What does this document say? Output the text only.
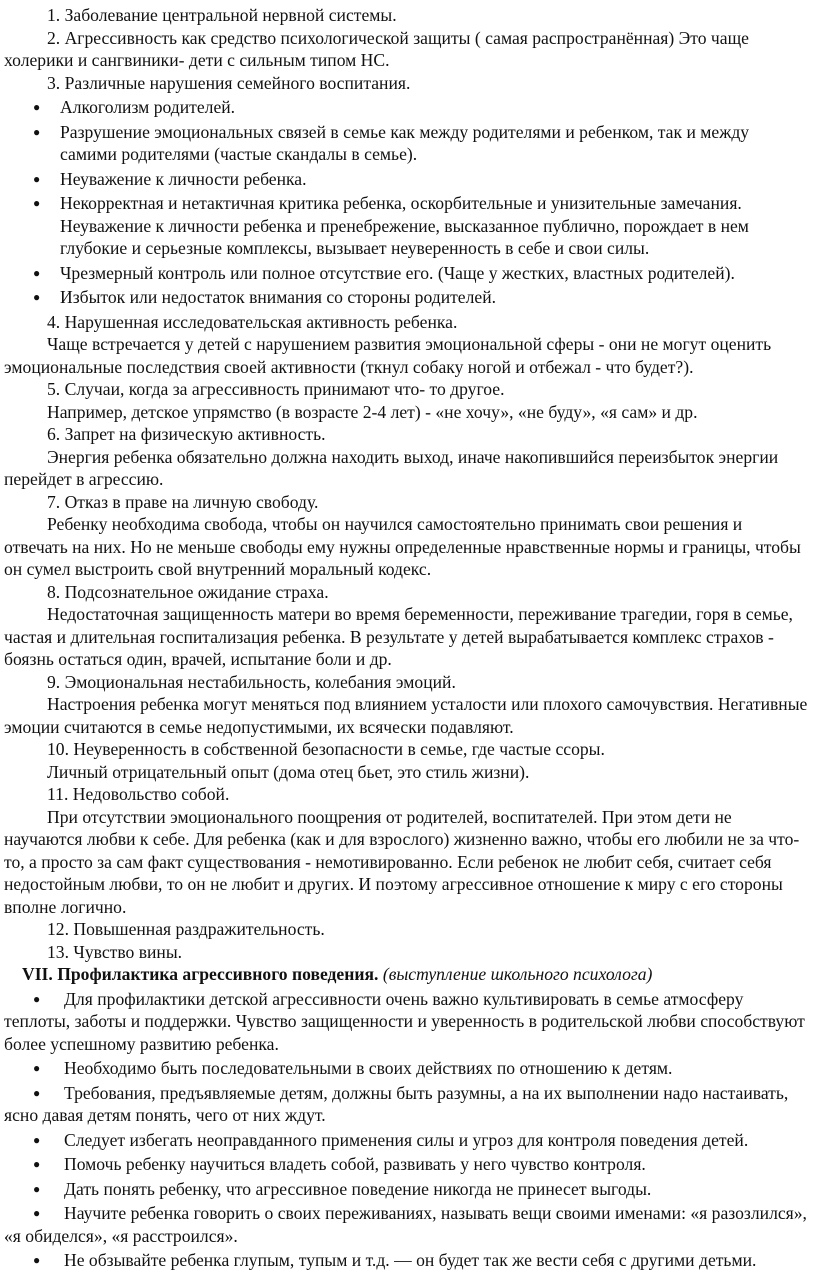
1. Заболевание центральной нервной системы.

2. Агрессивность как средство психологической защиты ( самая распространённая) Это чаще холерики и сангвиники- дети с сильным типом НС.

3. Различные нарушения семейного воспитания.

● Алкоголизм родителей.
● Разрушение эмоциональных связей в семье как между родителями и ребенком, так и между самими родителями (частые скандалы в семье).
● Неуважение к личности ребенка.
● Некорректная и нетактичная критика ребенка, оскорбительные и унизительные замечания. Неуважение к личности ребенка и пренебрежение, высказанное публично, порождает в нем глубокие и серьезные комплексы, вызывает неуверенность в себе и свои силы.
● Чрезмерный контроль или полное отсутствие его. (Чаще у жестких, властных родителей).
● Избыток или недостаток внимания со стороны родителей.

4. Нарушенная исследовательская активность ребенка.

Чаще встречается у детей с нарушением развития эмоциональной сферы - они не могут оценить эмоциональные последствия своей активности (ткнул собаку ногой и отбежал - что будет?).

5. Случаи, когда за агрессивность принимают что- то другое.

Например, детское упрямство (в возрасте 2-4 лет) - «не хочу», «не буду», «я сам» и др.

6. Запрет на физическую активность.

Энергия ребенка обязательно должна находить выход, иначе накопившийся переизбыток энергии перейдет в агрессию.

7. Отказ в праве на личную свободу.

Ребенку необходима свобода, чтобы он научился самостоятельно принимать свои решения и отвечать на них. Но не меньше свободы ему нужны определенные нравственные нормы и границы, чтобы он сумел выстроить свой внутренний моральный кодекс.

8. Подсознательное ожидание страха.

Недостаточная защищенность матери во время беременности, переживание трагедии, горя в семье, частая и длительная госпитализация ребенка. В результате у детей вырабатывается комплекс страхов - боязнь остаться один, врачей, испытание боли и др.

9. Эмоциональная нестабильность, колебания эмоций.

Настроения ребенка могут меняться под влиянием усталости или плохого самочувствия. Негативные эмоции считаются в семье недопустимыми, их всячески подавляют.

10. Неуверенность в собственной безопасности в семье, где частые ссоры.

Личный отрицательный опыт (дома отец бьет, это стиль жизни).

11. Недовольство собой.

При отсутствии эмоционального поощрения от родителей, воспитателей. При этом дети не научаются любви к себе. Для ребенка (как и для взрослого) жизненно важно, чтобы его любили не за что-то, а просто за сам факт существования - немотивированно. Если ребенок не любит себя, считает себя недостойным любви, то он не любит и других. И поэтому агрессивное отношение к миру с его стороны вполне логично.

12. Повышенная раздражительность.

13. Чувство вины.

VII. Профилактика агрессивного поведения. (выступление школьного психолога)

● Для профилактики детской агрессивности очень важно культивировать в семье атмосферу теплоты, заботы и поддержки. Чувство защищенности и уверенность в родительской любви способствуют более успешному развитию ребенка.
● Необходимо быть последовательными в своих действиях по отношению к детям.
● Требования, предъявляемые детям, должны быть разумны, а на их выполнении надо настаивать, ясно давая детям понять, чего от них ждут.
● Следует избегать неоправданного применения силы и угроз для контроля поведения детей.
● Помочь ребенку научиться владеть собой, развивать у него чувство контроля.
● Дать понять ребенку, что агрессивное поведение никогда не принесет выгоды.
● Научите ребенка говорить о своих переживаниях, называть вещи своими именами: «я разозлился», «я обиделся», «я расстроился».
● Не обзывайте ребенка глупым, тупым и т.д. — он будет так же вести себя с другими детьми.
